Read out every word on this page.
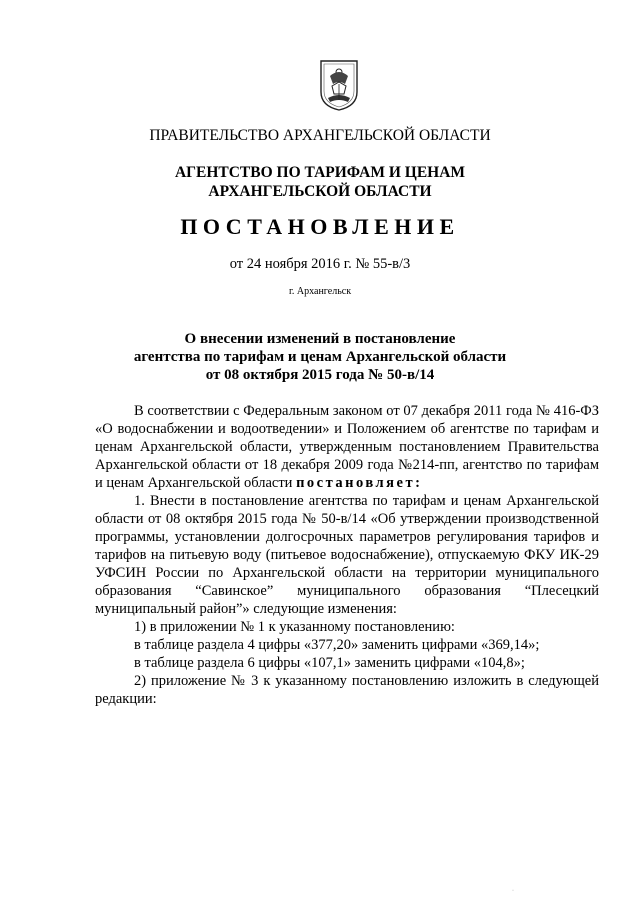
ПРАВИТЕЛЬСТВО АРХАНГЕЛЬСКОЙ ОБЛАСТИ
АГЕНТСТВО ПО ТАРИФАМ И ЦЕНАМ
АРХАНГЕЛЬСКОЙ ОБЛАСТИ
ПОСТАНОВЛЕНИЕ
от 24 ноября 2016 г. № 55-в/3
г. Архангельск
О внесении изменений в постановление
агентства по тарифам и ценам Архангельской области
от 08 октября 2015 года № 50-в/14

В соответствии с Федеральным законом от 07 декабря 2011 года № 416-ФЗ «О водоснабжении и водоотведении» и Положением об агентстве по тарифам и ценам Архангельской области, утвержденным постановлением Правительства Архангельской области от 18 декабря 2009 года №214-пп, агентство по тарифам и ценам Архангельской области постановляет:

1. Внести в постановление агентства по тарифам и ценам Архангельской области от 08 октября 2015 года № 50-в/14 «Об утверждении производственной программы, установлении долгосрочных параметров регулирования тарифов и тарифов на питьевую воду (питьевое водоснабжение), отпускаемую ФКУ ИК-29 УФСИН России по Архангельской области на территории муниципального образования “Савинское” муниципального образования “Плесецкий муниципальный район”» следующие изменения:

1) в приложении № 1 к указанному постановлению:

в таблице раздела 4 цифры «377,20» заменить цифрами «369,14»;

в таблице раздела 6 цифры «107,1» заменить цифрами «104,8»;

2) приложение № 3 к указанному постановлению изложить в следующей редакции:

·
